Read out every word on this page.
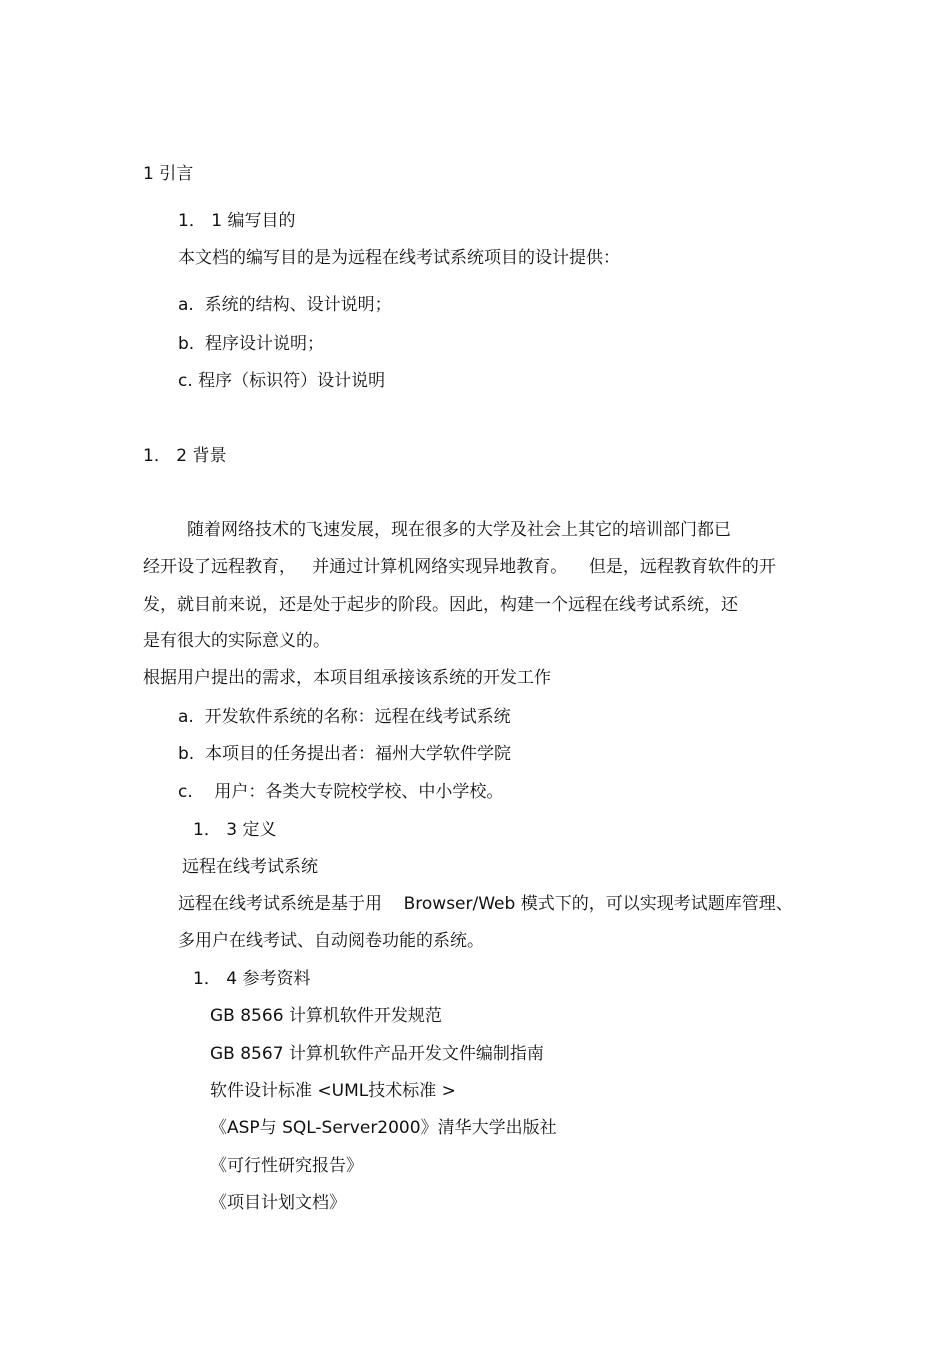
1 引言
1． 1 编写目的
本文档的编写目的是为远程在线考试系统项目的设计提供：
a.  系统的结构、设计说明；
b.  程序设计说明；
c. 程序（标识符）设计说明
1． 2 背景
随着网络技术的飞速发展，现在很多的大学及社会上其它的培训部门都已
经开设了远程教育，   并通过计算机网络实现异地教育。    但是，远程教育软件的开
发，就目前来说，还是处于起步的阶段。因此，构建一个远程在线考试系统，还
是有很大的实际意义的。
根据用户提出的需求，本项目组承接该系统的开发工作
a.  开发软件系统的名称：远程在线考试系统
b.  本项目的任务提出者：福州大学软件学院
c.    用户：各类大专院校学校、中小学校。
1． 3 定义
远程在线考试系统
远程在线考试系统是基于用    Browser/Web 模式下的，可以实现考试题库管理、
多用户在线考试、自动阅卷功能的系统。
1． 4 参考资料
GB 8566 计算机软件开发规范
GB 8567 计算机软件产品开发文件编制指南
软件设计标准 <UML技术标准 >
《ASP与 SQL-Server2000》清华大学出版社
《可行性研究报告》
《项目计划文档》
